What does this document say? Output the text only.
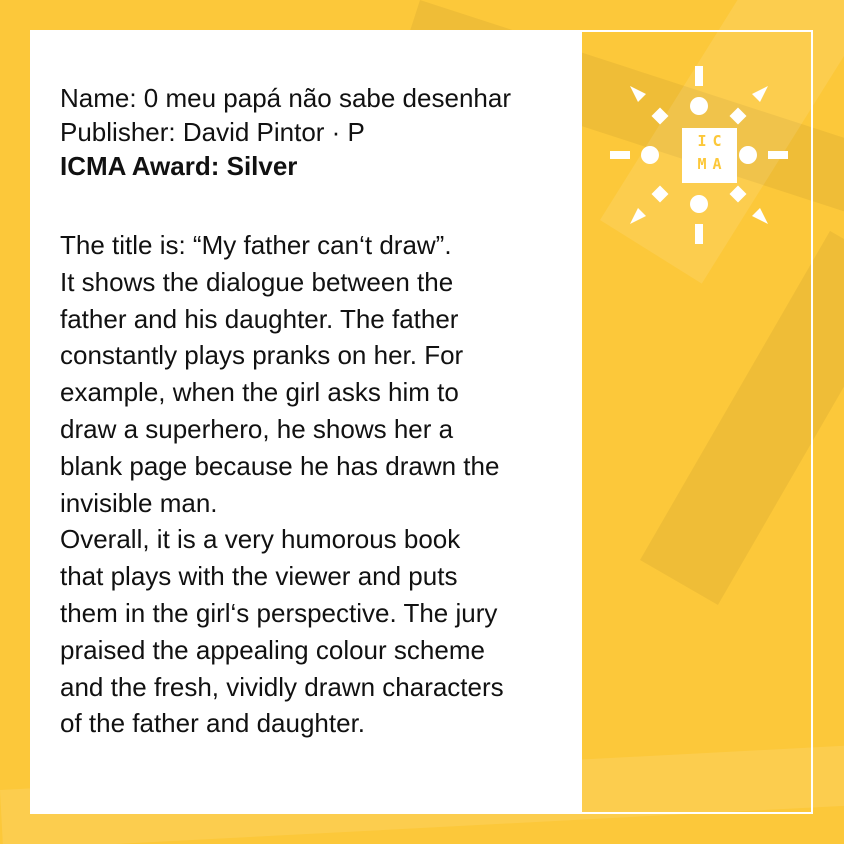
Name: 0 meu papá não sabe desenhar
Publisher: David Pintor · P
ICMA Award: Silver
The title is: “My father can‘t draw”.
It shows the dialogue between the
father and his daughter. The father
constantly plays pranks on her. For
example, when the girl asks him to
draw a superhero, he shows her a
blank page because he has drawn the
invisible man.
Overall, it is a very humorous book
that plays with the viewer and puts
them in the girl‘s perspective. The jury
praised the appealing colour scheme
and the fresh, vividly drawn characters
of the father and daughter.
IC
MA
